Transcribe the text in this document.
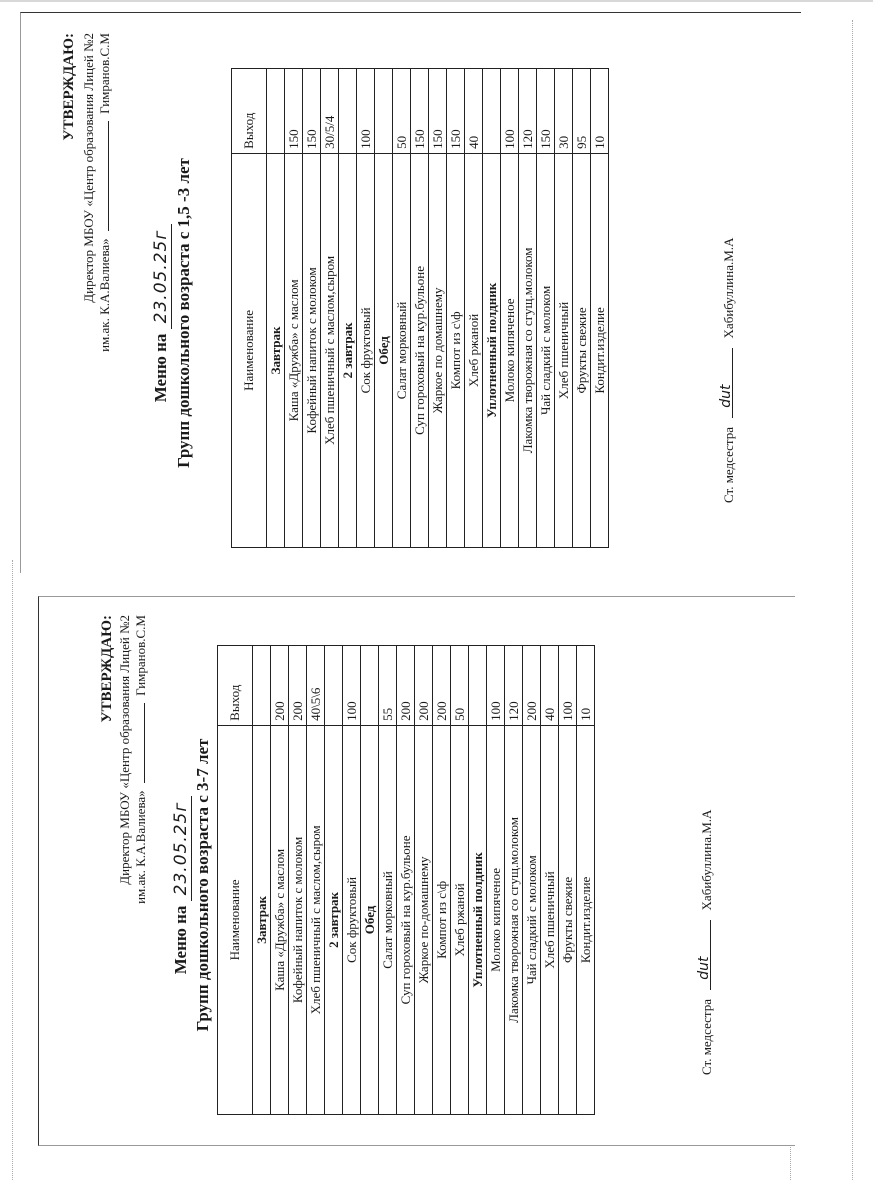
УТВЕРЖДАЮ: Директор МБОУ «Центр образования Лицей №2 им.ак. К.А.Валиева»  Гимранов.С.М
Меню на 23.05.25г Групп дошкольного возраста с 3-7 лет Наименование	Выход
Завтрак	
Каша «Дружба» с маслом	200
Кофейный напиток с молоком	200
Хлеб пшеничный с маслом,сыром	40\5\6
2 завтрак	
Сок фруктовый	100
Обед	
Салат морковный	55
Суп гороховый на кур.бульоне	200
Жаркое по-домашнему	200
Компот из с\ф	200
Хлеб ржаной	50
Уплотненный полдник	
Молоко кипяченое	100
Лакомка творожная со сгущ.молоком	120
Чай сладкий с молоком	200
Хлеб пшеничный	40
Фрукты свежие	100
Кондит.изделие	10
Ст. медсестра
dut
Хабибуллина.М.А
УТВЕРЖДАЮ: Директор МБОУ «Центр образования Лицей №2 им.ак. К.А.Валиева»  Гимранов.С.М
Меню на 23.05.25г Групп дошкольного возраста с 1,5 -3 лет	Наименование	Выход
Завтрак	
Каша «Дружба» с маслом	150
Кофейный напиток с молоком	150
Хлеб пшеничный с маслом,сыром	30/5/4
2 завтрак	
Сок фруктовый	100
Обед	
Салат морковный	50
Суп гороховый на кур.бульоне	150
Жаркое по домашнему	150
Компот из с\ф	150
Хлеб ржаной	40
Уплотненный полдник	
Молоко кипяченое	100
Лакомка творожная со сгущ.молоком	120
Чай сладкий с молоком	150
Хлеб пшеничный	30
Фрукты свежие	95
Кондит.изделие	10
Ст. медсестра
dut
Хабибуллина.М.А
